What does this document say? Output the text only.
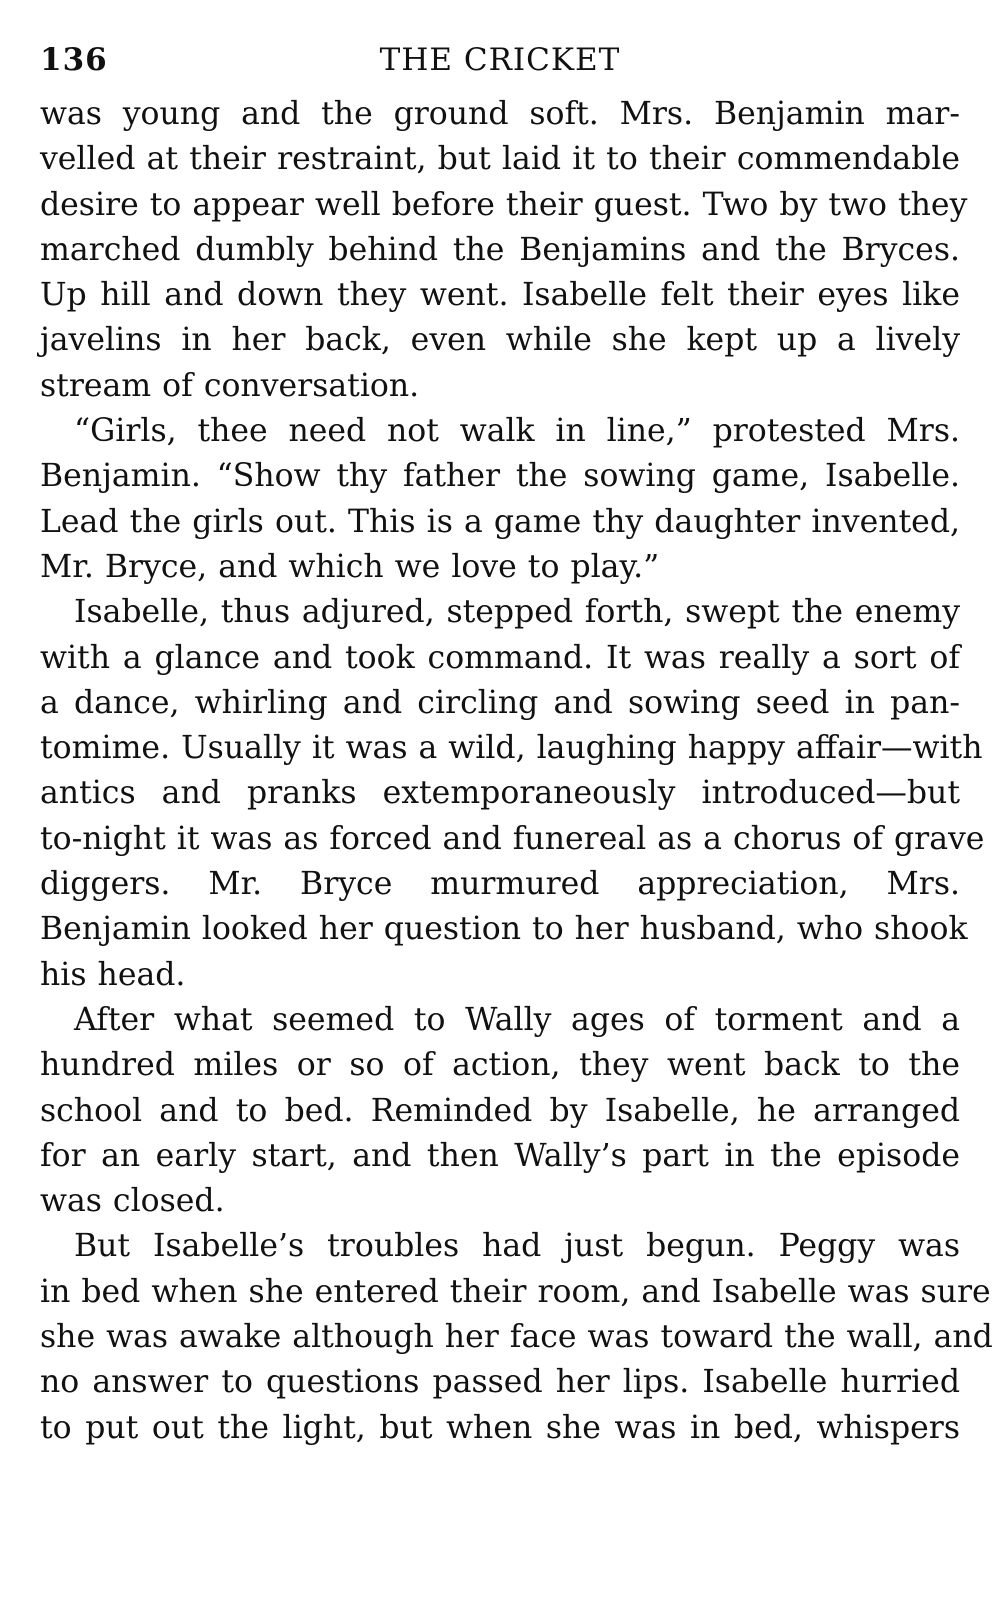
136	THE CRICKET
was young and the ground soft. Mrs. Benjamin mar-
velled at their restraint, but laid it to their commendable
desire to appear well before their guest. Two by two they
marched dumbly behind the Benjamins and the Bryces.
Up hill and down they went. Isabelle felt their eyes like
javelins in her back, even while she kept up a lively
stream of conversation.
“Girls, thee need not walk in line,” protested Mrs.
Benjamin. “Show thy father the sowing game, Isabelle.
Lead the girls out. This is a game thy daughter invented,
Mr. Bryce, and which we love to play.”
Isabelle, thus adjured, stepped forth, swept the enemy
with a glance and took command. It was really a sort of
a dance, whirling and circling and sowing seed in pan-
tomime. Usually it was a wild, laughing happy affair—with
antics and pranks extemporaneously introduced—but
to-night it was as forced and funereal as a chorus of grave
diggers. Mr. Bryce murmured appreciation, Mrs.
Benjamin looked her question to her husband, who shook
his head.
After what seemed to Wally ages of torment and a
hundred miles or so of action, they went back to the
school and to bed. Reminded by Isabelle, he arranged
for an early start, and then Wally’s part in the episode
was closed.
But Isabelle’s troubles had just begun. Peggy was
in bed when she entered their room, and Isabelle was sure
she was awake although her face was toward the wall, and
no answer to questions passed her lips. Isabelle hurried
to put out the light, but when she was in bed, whispers
